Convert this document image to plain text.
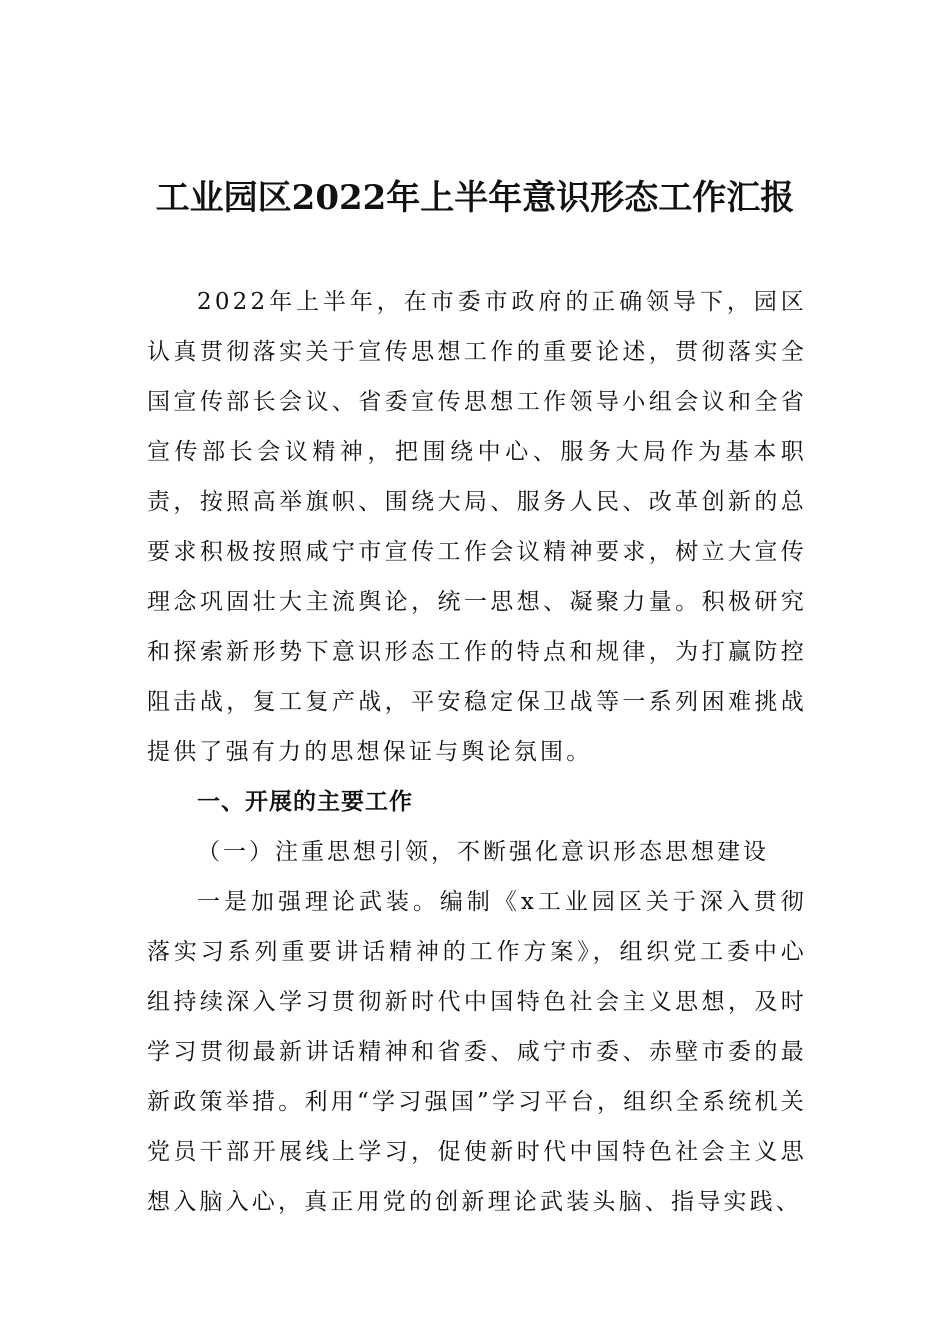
工业园区2022年上半年意识形态工作汇报

2022年上半年，在市委市政府的正确领导下，园区认真贯彻落实关于宣传思想工作的重要论述，贯彻落实全国宣传部长会议、省委宣传思想工作领导小组会议和全省宣传部长会议精神，把围绕中心、服务大局作为基本职责，按照高举旗帜、围绕大局、服务人民、改革创新的总要求积极按照咸宁市宣传工作会议精神要求，树立大宣传理念巩固壮大主流舆论，统一思想、凝聚力量。积极研究和探索新形势下意识形态工作的特点和规律，为打赢防控阻击战，复工复产战，平安稳定保卫战等一系列困难挑战提供了强有力的思想保证与舆论氛围。

一、开展的主要工作

（一）注重思想引领，不断强化意识形态思想建设

一是加强理论武装。编制《x工业园区关于深入贯彻落实习系列重要讲话精神的工作方案》，组织党工委中心组持续深入学习贯彻新时代中国特色社会主义思想，及时学习贯彻最新讲话精神和省委、咸宁市委、赤壁市委的最新政策举措。利用“学习强国”学习平台，组织全系统机关党员干部开展线上学习，促使新时代中国特色社会主义思想入脑入心，真正用党的创新理论武装头脑、指导实践、
